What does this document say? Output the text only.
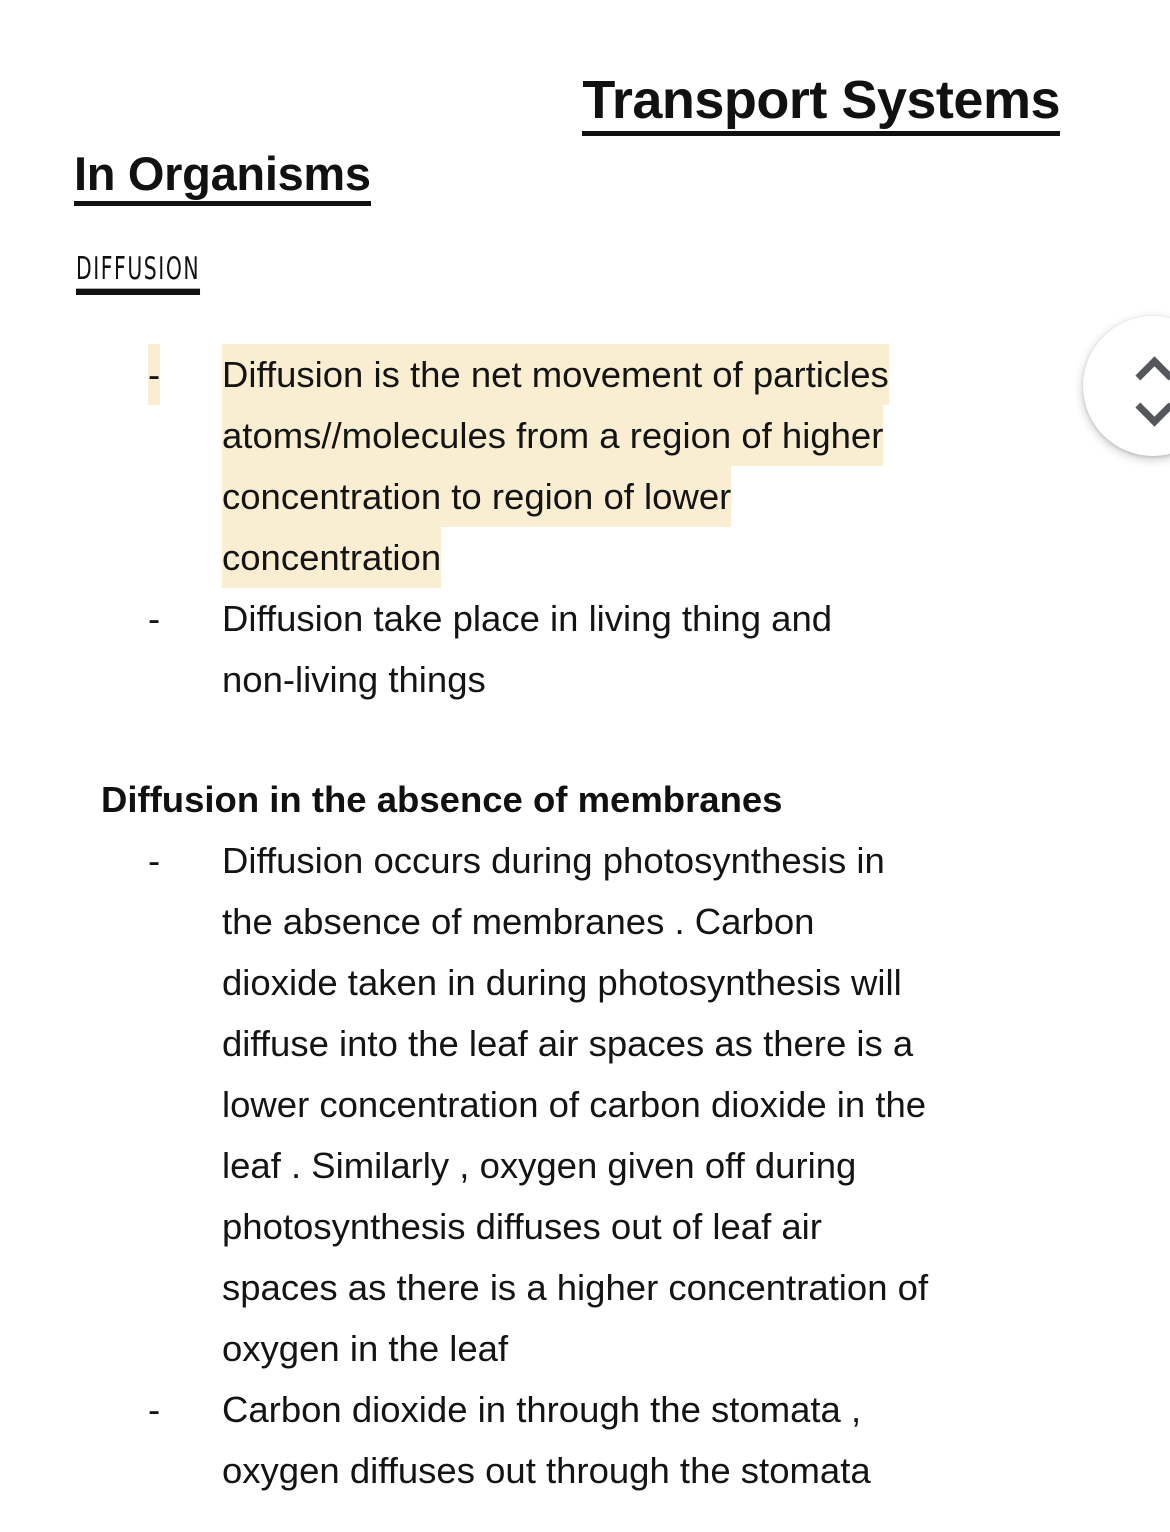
Transport Systems
In Organisms
diffusion
- Diffusion is the net movement of particles
atoms//molecules from a region of higher
concentration to region of lower
concentration
- Diffusion take place in living thing and
non-living things
Diffusion in the absence of membranes
- Diffusion occurs during photosynthesis in
the absence of membranes . Carbon
dioxide taken in during photosynthesis will
diffuse into the leaf air spaces as there is a
lower concentration of carbon dioxide in the
leaf . Similarly , oxygen given off during
photosynthesis diffuses out of leaf air
spaces as there is a higher concentration of
oxygen in the leaf
- Carbon dioxide in through the stomata ,
oxygen diffuses out through the stomata
